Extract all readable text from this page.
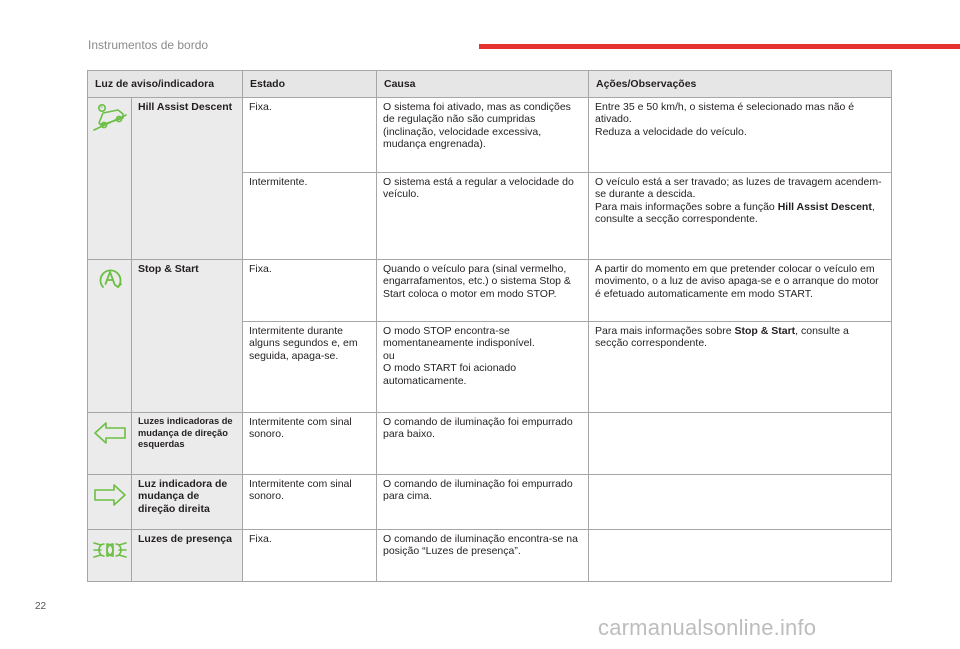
Instrumentos de bordo
Luz de aviso/indicadora		Estado	Causa	Ações/Observações

*	Hill Assist Descent	Fixa.	O sistema foi ativado, mas as condições de regulação não são cumpridas (inclinação, velocidade excessiva, mudança engrenada).	Entre 35 e 50 km/h, o sistema é selecionado mas não é ativado.
Reduza a velocidade do veículo.

		Intermitente.	O sistema está a regular a velocidade do veículo.	O veículo está a ser travado; as luzes de travagem acendem-se durante a descida.
Para mais informações sobre a função Hill Assist Descent, consulte a secção correspondente.

	Stop & Start	Fixa.	Quando o veículo para (sinal vermelho, engarrafamentos, etc.) o sistema Stop & Start coloca o motor em modo STOP.	A partir do momento em que pretender colocar o veículo em movimento, o a luz de aviso apaga-se e o arranque do motor é efetuado automaticamente em modo START.
		Intermitente durante alguns segundos e, em seguida, apaga-se.	O modo STOP encontra-se momentaneamente indisponível.
ou
O modo START foi acionado automaticamente.	Para mais informações sobre Stop & Start, consulte a secção correspondente.

	Luzes indicadoras de mudança de direção esquerdas	Intermitente com sinal sonoro.	O comando de iluminação foi empurrado para baixo.	

	Luz indicadora de mudança de direção direita	Intermitente com sinal sonoro.	O comando de iluminação foi empurrado para cima.	

	Luzes de presença	Fixa.	O comando de iluminação encontra-se na posição “Luzes de presença”.	
22
carmanualsonline.info
